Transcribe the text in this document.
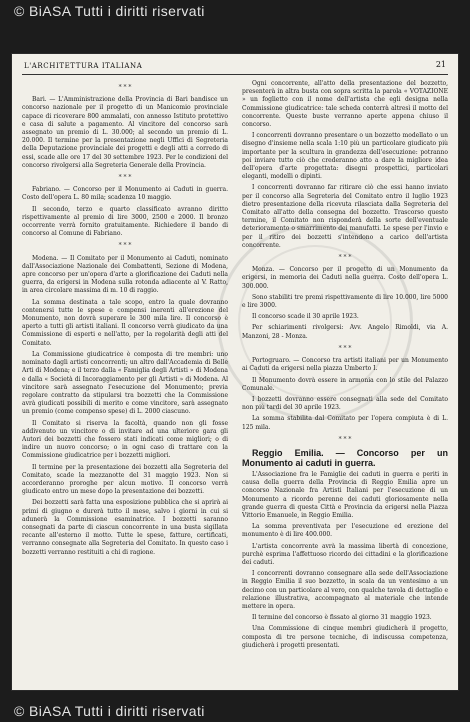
© BiASA Tutti i diritti riservati
L'ARCHITETTURA ITALIANA	21
* * *

Bari. — L'Amministrazione della Provincia di Bari bandisce un concorso nazionale per il progetto di un Manicomio provinciale capace di ricoverare 800 ammalati, con annesso Istituto protettivo e casa di salute a pagamento. Al vincitore del concorso sarà assegnato un premio di L. 30.000; al secondo un premio di L. 20.000. Il termine per la presentazione negli Uffici di Segreteria della Deputazione provinciale dei progetti e degli atti a corredo di essi, scade alle ore 17 del 30 settembre 1923. Per le condizioni del concorso rivolgersi alla Segreteria Generale della Provincia.

* * *

Fabriano. — Concorso per il Monumento ai Caduti in guerra. Costo dell'opera L. 80 mila; scadenza 10 maggio.

Il secondo, terzo e quarto classificato avranno diritto rispettivamente al premio di lire 3000, 2500 e 2000. Il bronzo occorrente verrà fornito gratuitamente. Richiedere il bando di concorso al Comune di Fabriano.

* * *

Modena. — Il Comitato per il Monumento ai Caduti, nominato dall'Associazione Nazionale dei Combattenti, Sezione di Modena, apre concorso per un'opera d'arte a glorificazione dei Caduti nella guerra, da erigersi in Modena sulla rotonda adiacente al V. Ratto, in area circolare massima di m. 10 di raggio.

La somma destinata a tale scopo, entro la quale dovranno contenersi tutte le spese e compensi inerenti all'erezione del Monumento, non dovrà superare le 300 mila lire. Il concorso è aperto a tutti gli artisti italiani. Il concorso verrà giudicato da una Commissione di esperti e nell'atto, per la regolarità degli atti del Comitato.

La Commissione giudicatrice è composta di tre membri: uno nominato dagli artisti concorrenti; un altro dall'Accademia di Belle Arti di Modena; e il terzo dalla « Famiglia degli Artisti » di Modena e dalla « Società di Incoraggiamento per gli Artisti » di Modena. Al vincitore sarà assegnato l'esecuzione del Monumento; previa regolare contratto da stipularsi tra bozzetti che la Commissione avrà giudicati possibili di merito e come vincitore, sarà assegnato un premio (come compenso spese) di L. 2000 ciascuno.

Il Comitato si riserva la facoltà, quando non gli fosse addivenuto un vincitore o di invitare ad una ulteriore gara gli Autori dei bozzetti che fossero stati indicati come migliori; o di indire un nuovo concorso; o in ogni caso di trattare con la Commissione giudicatrice per i bozzetti migliori.

Il termine per la presentazione dei bozzetti alla Segreteria del Comitato, scade la mezzanotte del 31 maggio 1923. Non si accorderanno proroghe per alcun motivo. Il concorso verrà giudicato entro un mese dopo la presentazione dei bozzetti.

Dei bozzetti sarà fatta una esposizione pubblica che si aprirà ai primi di giugno e durerà tutto il mese, salvo i giorni in cui si adunerà la Commissione esaminatrice. I bozzetti saranno consegnati da parte di ciascun concorrente in una busta sigillata recante all'esterno il motto. Tutte le spese, fatture, certificati, verranno consegnate alla Segreteria del Comitato. In questo caso i bozzetti verranno restituiti a chi di ragione.

Ogni concorrente, all'atto della presentazione del bozzetto, presenterà in altra busta con sopra scritta la parola « VOTAZIONE » un foglietto con il nome dell'artista che egli designa nella Commissione giudicatrice: tale scheda conterrà altresì il motto del concorrente. Queste buste verranno aperte appena chiuso il concorso.

I concorrenti dovranno presentare o un bozzetto modellato o un disegno d'insieme nella scala 1:10 più un particolare giudicato più importante per la scultura in grandezza dell'esecuzione: potranno poi inviare tutto ciò che crederanno atto a dare la migliore idea dell'opera d'arte progettata: disegni prospettici, particolari eleganti, modelli o dipinti.

I concorrenti dovranno far ritirare ciò che essi hanno inviato per il concorso alla Segreteria del Comitato entro il luglio 1923 dietro presentazione della ricevuta rilasciata dalla Segreteria del Comitato all'atto della consegna del bozzetto. Trascorso questo termine, il Comitato non risponderà della sorte dell'eventuale deterioramento o smarrimento dei manufatti. Le spese per l'invio e per il ritiro dei bozzetti s'intendono a carico dell'artista concorrente.

* * *

Monza. — Concorso per il progetto di un Monumento da erigersi, in memoria dei Caduti nella guerra. Costo dell'opera L. 300.000.

Sono stabiliti tre premi rispettivamente di lire 10.000, lire 5000 e lire 3000.

Il concorso scade il 30 aprile 1923.

Per schiarimenti rivolgersi: Avv. Angelo Rimoldi, via A. Manzoni, 28 - Monza.

* * *

Portogruaro. — Concorso tra artisti italiani per un Monumento ai Caduti da erigersi nella piazza Umberto I.

Il Monumento dovrà essere in armonia con lo stile del Palazzo Comunale.

I bozzetti dovranno essere consegnati alla sede del Comitato non più tardi del 30 aprile 1923.

La somma stabilita dal Comitato per l'opera compiuta è di L. 125 mila.

* * *

Reggio Emilia. — Concorso per un Monumento ai caduti in guerra.

L'Associazione fra le Famiglie dei caduti in guerra e periti in causa della guerra della Provincia di Reggio Emilia apre un concorso Nazionale fra Artisti Italiani per l'esecuzione di un Monumento a ricordo perenne dei caduti gloriosamente nella grande guerra di questa Città e Provincia da erigersi nella Piazza Vittorio Emanuele, in Reggio Emilia.

La somma preventivata per l'esecuzione ed erezione del monumento è di lire 400.000.

L'artista concorrente avrà la massima libertà di concezione, purchè esprima l'affettuoso ricordo dei cittadini e la glorificazione dei caduti.

I concorrenti dovranno consegnare alla sede dell'Associazione in Reggio Emilia il suo bozzetto, in scala da un ventesimo a un decimo con un particolare al vero, con qualche tavola di dettaglio e relazione illustrativa, accompagnato al materiale che intende mettere in opera.

Il termine del concorso è fissato al giorno 31 maggio 1923.

Una Commissione di cinque membri giudicherà il progetto, composta di tre persone tecniche, di indiscussa competenza, giudicherà i progetti presentati.

© BiASA Tutti i diritti riservati
